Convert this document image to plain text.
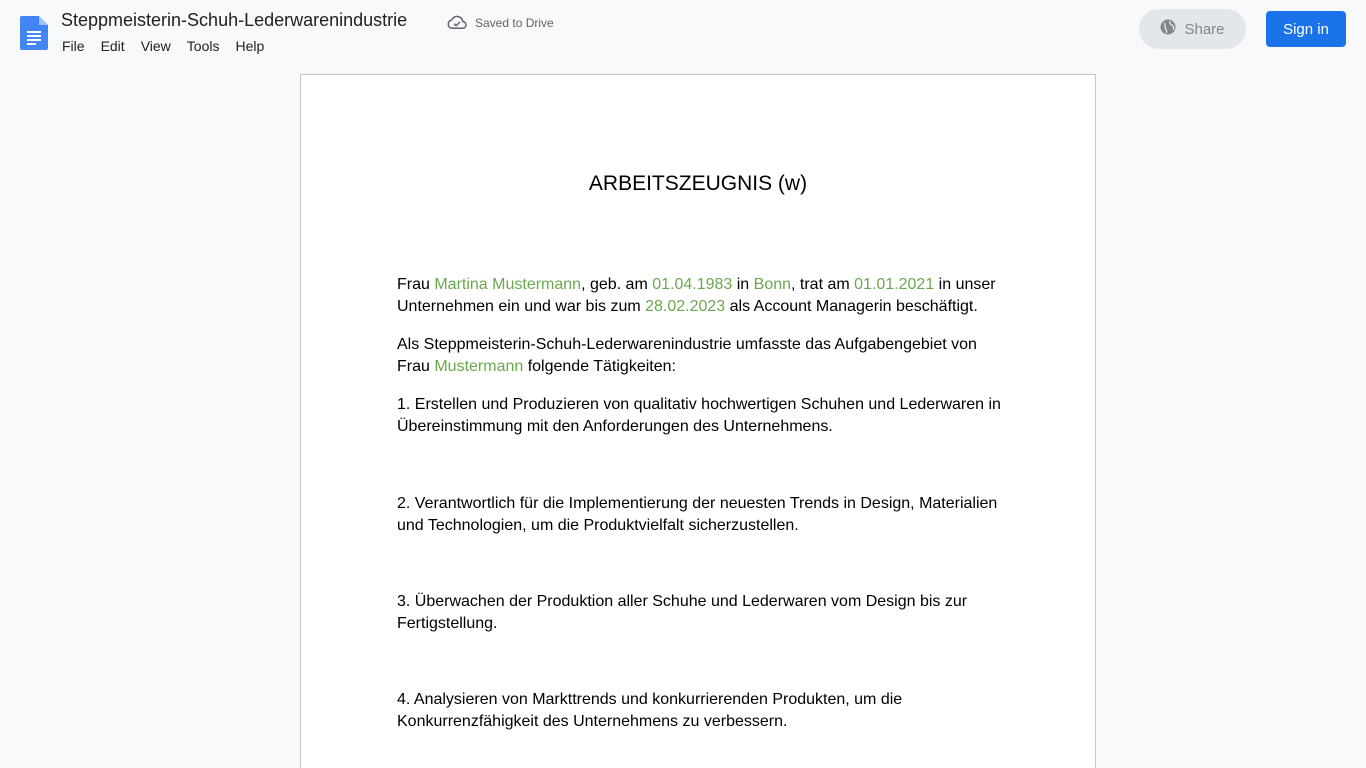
Steppmeisterin-Schuh-Lederwarenindustrie	Saved to Drive
File	Edit	View	Tools	Help
Share	Sign in
ARBEITSZEUGNIS (w)
Frau Martina Mustermann, geb. am 01.04.1983 in Bonn, trat am 01.01.2021 in unser Unternehmen ein und war bis zum 28.02.2023 als Account Managerin beschäftigt.
Als Steppmeisterin-Schuh-Lederwarenindustrie umfasste das Aufgabengebiet von Frau Mustermann folgende Tätigkeiten:
1. Erstellen und Produzieren von qualitativ hochwertigen Schuhen und Lederwaren in Übereinstimmung mit den Anforderungen des Unternehmens.
2. Verantwortlich für die Implementierung der neuesten Trends in Design, Materialien und Technologien, um die Produktvielfalt sicherzustellen.
3. Überwachen der Produktion aller Schuhe und Lederwaren vom Design bis zur Fertigstellung.
4. Analysieren von Markttrends und konkurrierenden Produkten, um die Konkurrenzfähigkeit des Unternehmens zu verbessern.
